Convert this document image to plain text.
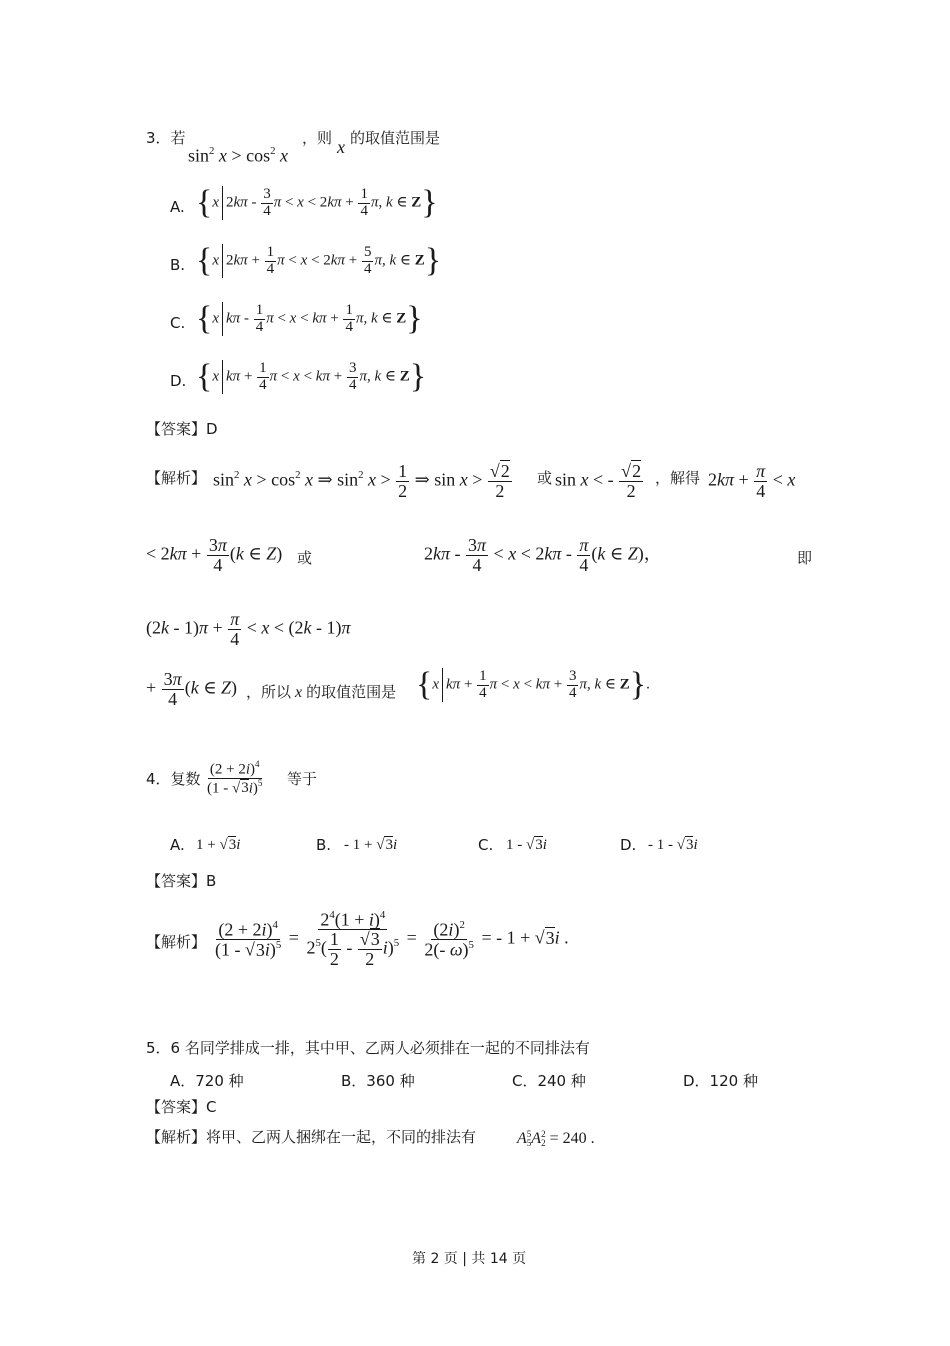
3．若
$\sin^2 x > \cos^2 x$
，则 x 的取值范围是
A. {x $2k\pi - \frac{3}{4}$ $\pi < x < 2k\pi + \frac{1}{4} \pi$, k ∈ Z}
B. {x $2k\pi + \frac{1}{4}$ $\pi < x < 2k\pi + \frac{5}{4} \pi$, k ∈ Z}
C. {x kπ - $\frac{1}{4}$ $\pi < x < k\pi + \frac{1}{4} \pi$, k ∈ Z}
D. {x $k\pi + \frac{1}{4}$ $\pi < x < k\pi + \frac{3}{4} \pi$, k ∈ Z}
【答案】D
【解析】 $\sin^2 x > \cos^2 x$ ⇒ $\sin^2 x > \frac{1}{2}$ ⇒ $\sin x > \frac{√2}{2}$ 或 sin x < - $\frac{√2}{2}$ ，解得 $2k\pi + \frac{\pi}{4} < x$
< $2k\pi + \frac{3\pi}{4} (k$ ∈ Z) 或	$2k\pi - \frac{3\pi}{4} < x < 2k\pi - \frac{\pi}{4} (k$ ∈ Z)，	即
$(2k - 1)\pi + \frac{\pi}{4} < x < (2k - 1)\pi$
+ $\frac{3\pi}{4} (k$ ∈ Z) ，所以 x 的取值范围是 {x $k\pi + \frac{1}{4}$ $\pi < x < k\pi + \frac{3}{4} \pi$, k ∈ Z}.
4．复数 $\frac{(2 + 2i)^4}{(1 - √3i)^5}$ 等于
A. 1 + √3i	B. - 1 + √3i	C. 1 - √3i	D. - 1 - √3i
【答案】B
【解析】 $\frac{(2 + 2i)^4}{(1 - √3i)^5} = \frac{2^4(1 + i)^4}{2^5( \frac{1}{2} - \frac{√3}{2} i)^5} = \frac{(2i)^2}{2(- \omega)^5}$ = - 1 + √3i .
5．6 名同学排成一排，其中甲、乙两人必须排在一起的不同排法有
A．720 种	B．360 种	C．240 种	D．120 种
【答案】C
【解析】将甲、乙两人捆绑在一起，不同的排法有	A 5
5 A 2
2 = 240 .
第 2 页 | 共 14 页
